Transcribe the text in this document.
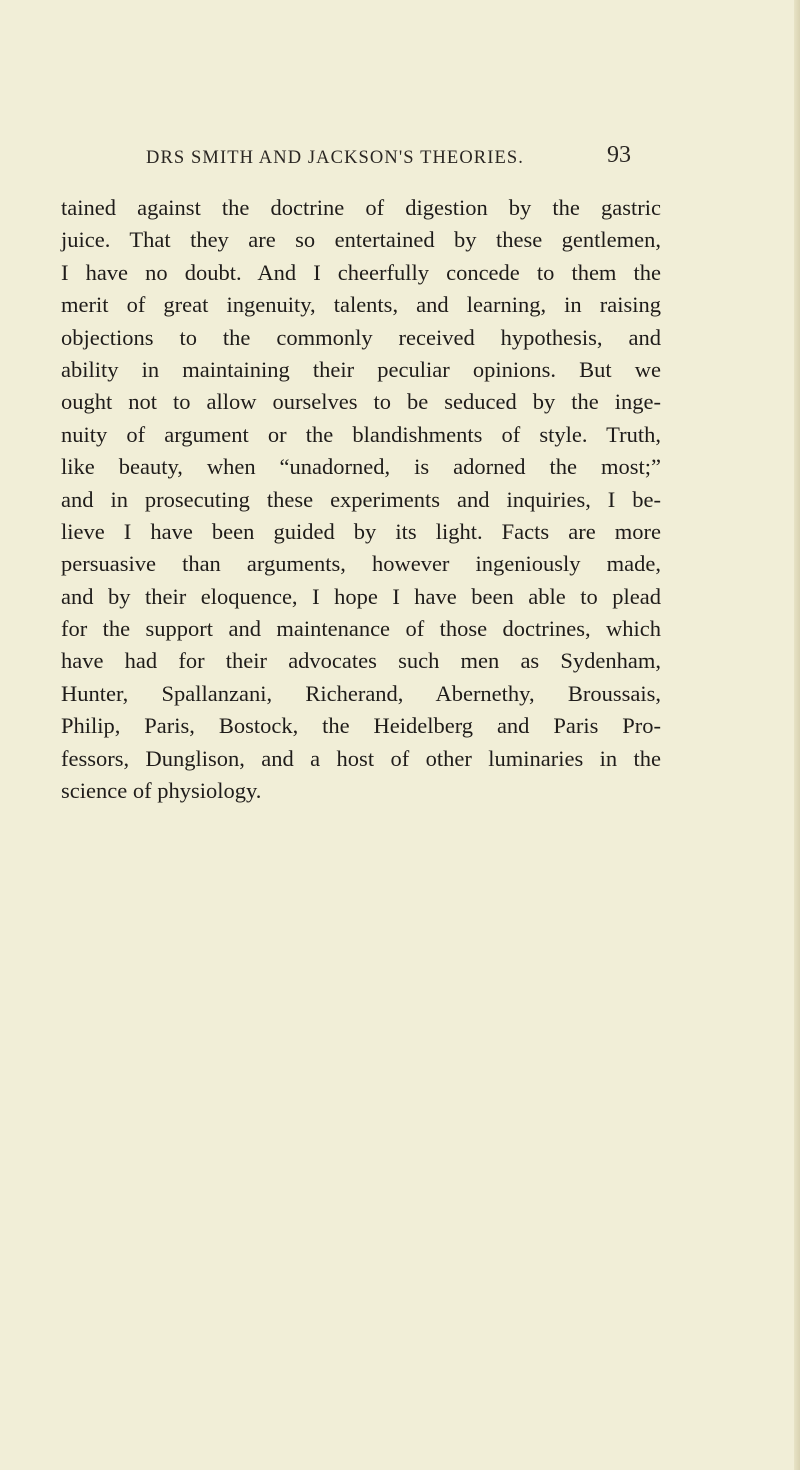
DRS SMITH AND JACKSON'S THEORIES.	93
tained against the doctrine of digestion by the gastric
juice. That they are so entertained by these gentlemen,
I have no doubt. And I cheerfully concede to them the
merit of great ingenuity, talents, and learning, in raising
objections to the commonly received hypothesis, and
ability in maintaining their peculiar opinions. But we
ought not to allow ourselves to be seduced by the inge-
nuity of argument or the blandishments of style. Truth,
like beauty, when “unadorned, is adorned the most;”
and in prosecuting these experiments and inquiries, I be-
lieve I have been guided by its light. Facts are more
persuasive than arguments, however ingeniously made,
and by their eloquence, I hope I have been able to plead
for the support and maintenance of those doctrines, which
have had for their advocates such men as Sydenham,
Hunter, Spallanzani, Richerand, Abernethy, Broussais,
Philip, Paris, Bostock, the Heidelberg and Paris Pro-
fessors, Dunglison, and a host of other luminaries in the
science of physiology.
